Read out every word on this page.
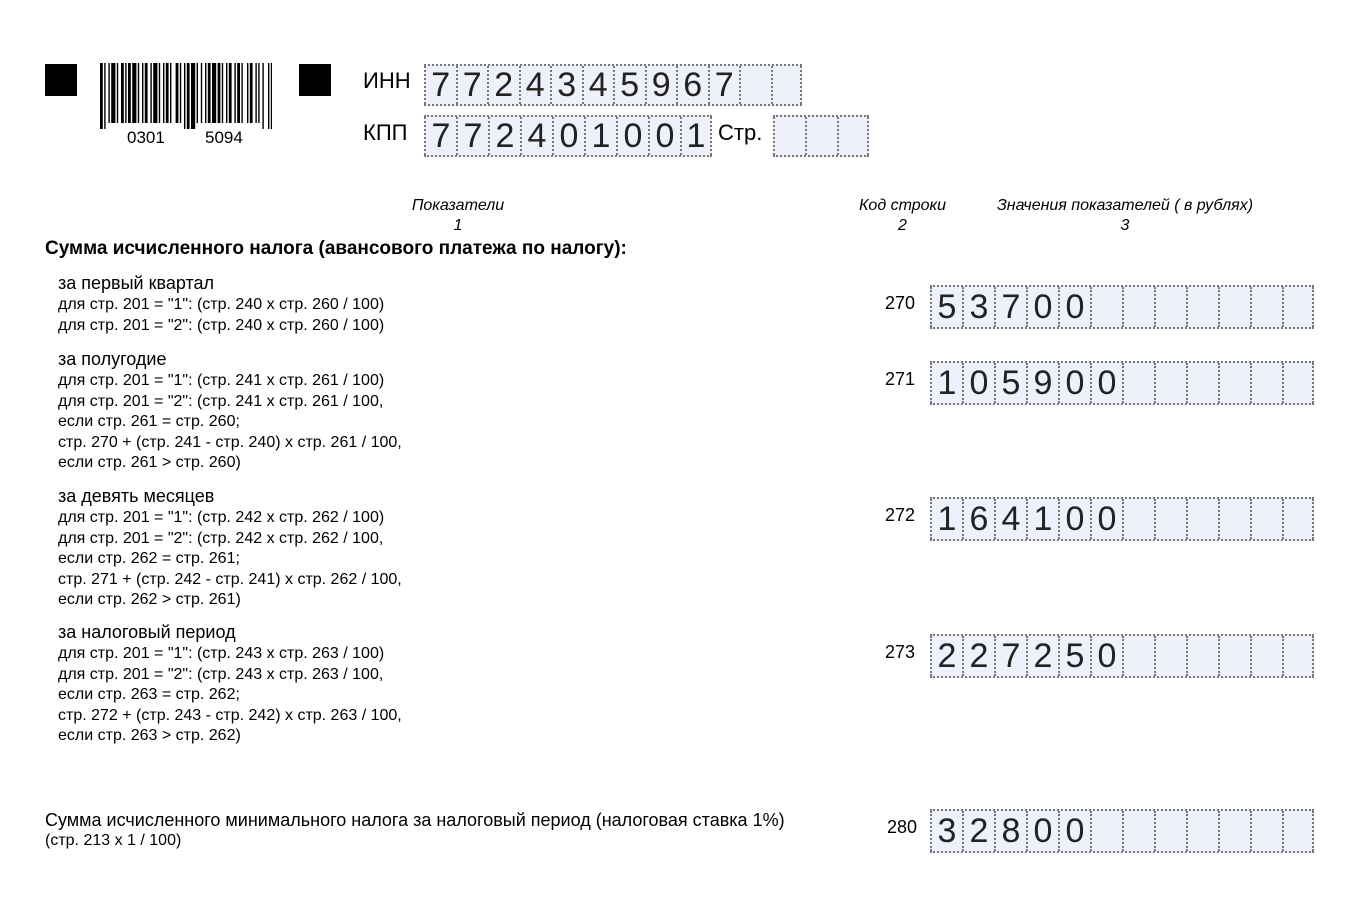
0301 5094
ИНН 7 7 2 4 3 4 5 9 6 7
КПП 7 7 2 4 0 1 0 0 1 Стр.
Показатели
1
Код строки
2
Значения показателей ( в рублях)
3
Сумма исчисленного налога (авансового платежа по налогу):
за первый квартал
для стр. 201 = "1": (стр. 240 x стр. 260 / 100)
для стр. 201 = "2": (стр. 240 x стр. 260 / 100)
270 5 3 7 0 0
за полугодие
для стр. 201 = "1": (стр. 241 x стр. 261 / 100)
для стр. 201 = "2": (стр. 241 x стр. 261 / 100,
если стр. 261 = стр. 260;
стр. 270 + (стр. 241 - стр. 240) x стр. 261 / 100,
если стр. 261 > стр. 260)
271 1 0 5 9 0 0
за девять месяцев
для стр. 201 = "1": (стр. 242 x стр. 262 / 100)
для стр. 201 = "2": (стр. 242 x стр. 262 / 100,
если стр. 262 = стр. 261;
стр. 271 + (стр. 242 - стр. 241) x стр. 262 / 100,
если стр. 262 > стр. 261)
272 1 6 4 1 0 0
за налоговый период
для стр. 201 = "1": (стр. 243 x стр. 263 / 100)
для стр. 201 = "2": (стр. 243 x стр. 263 / 100,
если стр. 263 = стр. 262;
стр. 272 + (стр. 243 - стр. 242) x стр. 263 / 100,
если стр. 263 > стр. 262)
273 2 2 7 2 5 0
Сумма исчисленного минимального налога за налоговый период (налоговая ставка 1%)
(стр. 213 x 1 / 100)
280 3 2 8 0 0
